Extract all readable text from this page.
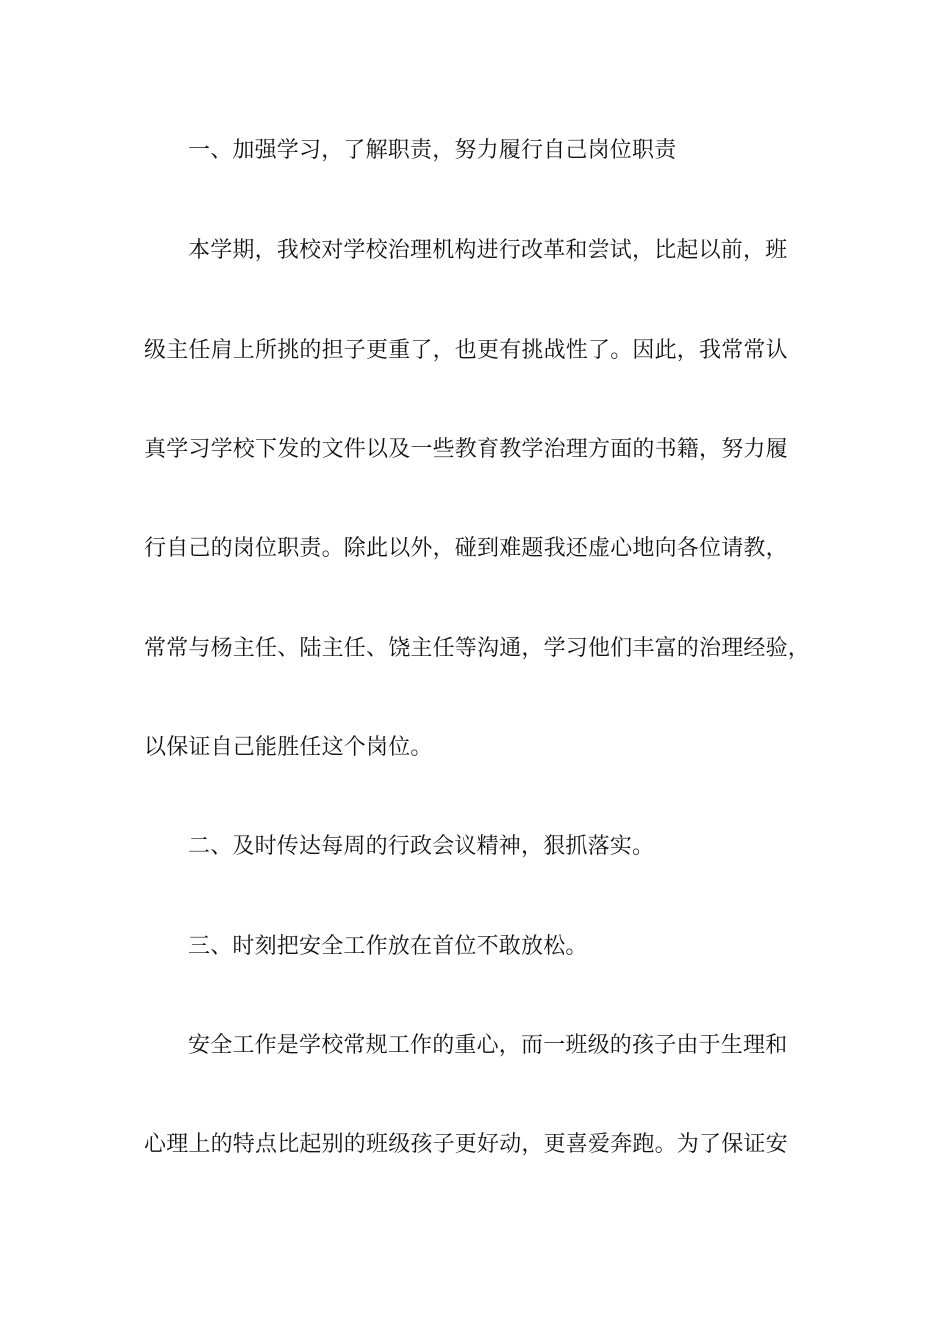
一、加强学习，了解职责，努力履行自己岗位职责
本学期，我校对学校治理机构进行改革和尝试，比起以前，班
级主任肩上所挑的担子更重了，也更有挑战性了。因此，我常常认
真学习学校下发的文件以及一些教育教学治理方面的书籍，努力履
行自己的岗位职责。除此以外，碰到难题我还虚心地向各位请教，
常常与杨主任、陆主任、饶主任等沟通，学习他们丰富的治理经验，
以保证自己能胜任这个岗位。
二、及时传达每周的行政会议精神，狠抓落实。
三、时刻把安全工作放在首位不敢放松。
安全工作是学校常规工作的重心，而一班级的孩子由于生理和
心理上的特点比起别的班级孩子更好动，更喜爱奔跑。为了保证安
